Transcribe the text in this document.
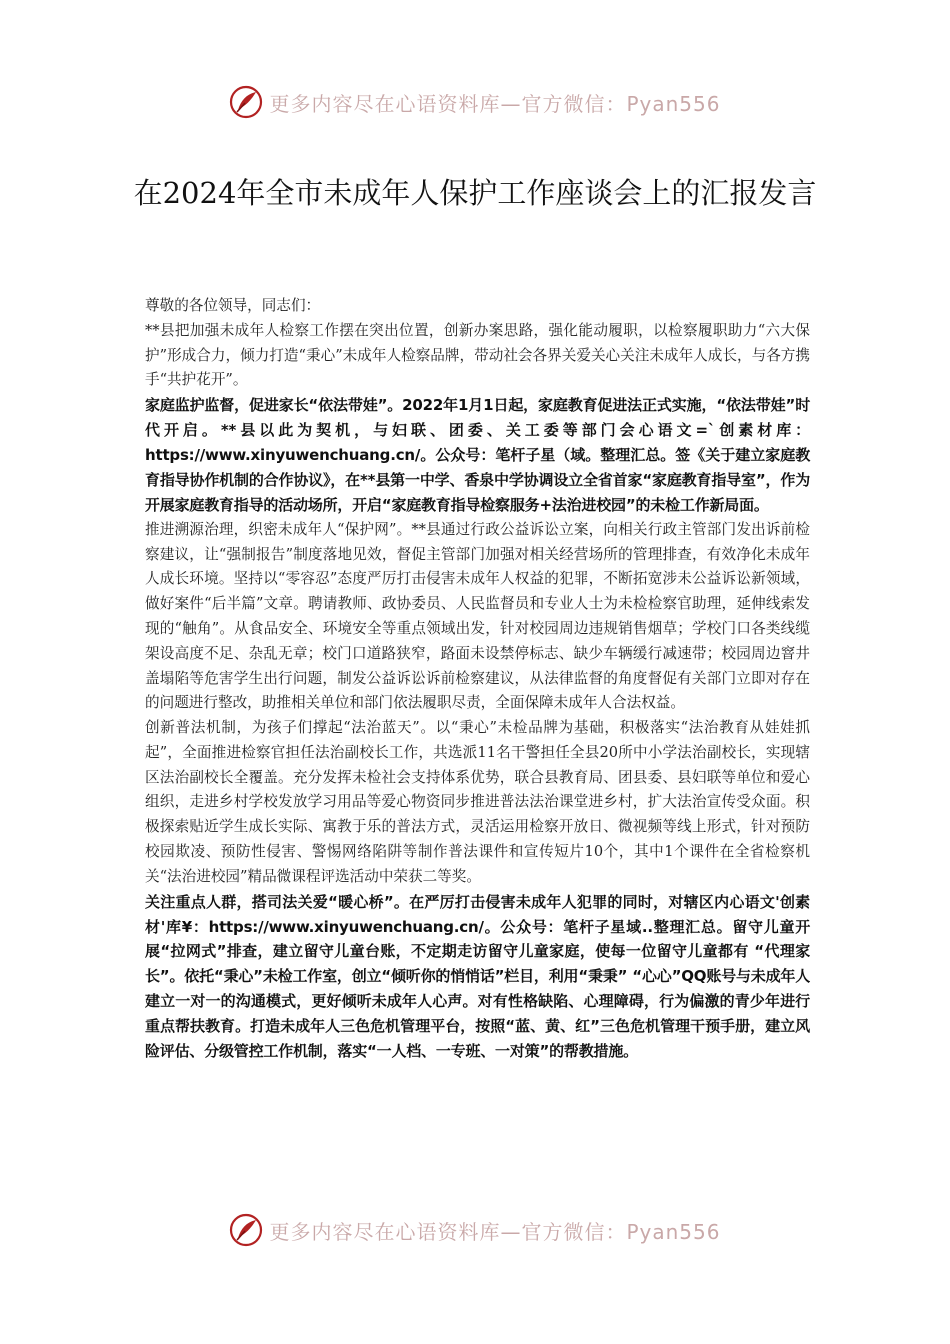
更多内容尽在心语资料库—官方微信：Pyan556
在2024年全市未成年人保护工作座谈会上的汇报发言

尊敬的各位领导，同志们：

**县把加强未成年人检察工作摆在突出位置，创新办案思路，强化能动履职，以检察履职助力“六大保护”形成合力，倾力打造“秉心”未成年人检察品牌，带动社会各界关爱关心关注未成年人成长，与各方携手“共护花开”。

家庭监护监督，促进家长“依法带娃”。2022年1月1日起，家庭教育促进法正式实施，“依法带娃”时代开启。**县以此为契机，与妇联、团委、关工委等部门会心语文=`创素材库：https://www.xinyuwenchuang.cn/。公众号：笔杆子星（域。整理汇总。签《关于建立家庭教育指导协作机制的合作协议》，在**县第一中学、香泉中学协调设立全省首家“家庭教育指导室”，作为开展家庭教育指导的活动场所，开启“家庭教育指导检察服务+法治进校园”的未检工作新局面。

推进溯源治理，织密未成年人“保护网”。**县通过行政公益诉讼立案，向相关行政主管部门发出诉前检察建议，让“强制报告”制度落地见效，督促主管部门加强对相关经营场所的管理排查，有效净化未成年人成长环境。坚持以“零容忍”态度严厉打击侵害未成年人权益的犯罪，不断拓宽涉未公益诉讼新领域，做好案件“后半篇”文章。聘请教师、政协委员、人民监督员和专业人士为未检检察官助理，延伸线索发现的“触角”。从食品安全、环境安全等重点领域出发，针对校园周边违规销售烟草；学校门口各类线缆架设高度不足、杂乱无章；校门口道路狭窄，路面未设禁停标志、缺少车辆缓行减速带；校园周边窨井盖塌陷等危害学生出行问题，制发公益诉讼诉前检察建议，从法律监督的角度督促有关部门立即对存在的问题进行整改，助推相关单位和部门依法履职尽责，全面保障未成年人合法权益。

创新普法机制，为孩子们撑起“法治蓝天”。以“秉心”未检品牌为基础，积极落实“法治教育从娃娃抓起”，全面推进检察官担任法治副校长工作，共选派11名干警担任全县20所中小学法治副校长，实现辖区法治副校长全覆盖。充分发挥未检社会支持体系优势，联合县教育局、团县委、县妇联等单位和爱心组织，走进乡村学校发放学习用品等爱心物资同步推进普法法治课堂进乡村，扩大法治宣传受众面。积极探索贴近学生成长实际、寓教于乐的普法方式，灵活运用检察开放日、微视频等线上形式，针对预防校园欺凌、预防性侵害、警惕网络陷阱等制作普法课件和宣传短片10个，其中1个课件在全省检察机关“法治进校园”精品微课程评选活动中荣获二等奖。

关注重点人群，搭司法关爱“暖心桥”。在严厉打击侵害未成年人犯罪的同时，对辖区内心语文'创素材'库¥：https://www.xinyuwenchuang.cn/。公众号：笔杆子星域..整理汇总。留守儿童开展“拉网式”排查，建立留守儿童台账，不定期走访留守儿童家庭，使每一位留守儿童都有 “代理家长”。依托“秉心”未检工作室，创立“倾听你的悄悄话”栏目，利用“秉秉” “心心”QQ账号与未成年人建立一对一的沟通模式，更好倾听未成年人心声。对有性格缺陷、心理障碍，行为偏激的青少年进行重点帮扶教育。打造未成年人三色危机管理平台，按照“蓝、黄、红”三色危机管理干预手册，建立风险评估、分级管控工作机制，落实“一人档、一专班、一对策”的帮教措施。

更多内容尽在心语资料库—官方微信：Pyan556
